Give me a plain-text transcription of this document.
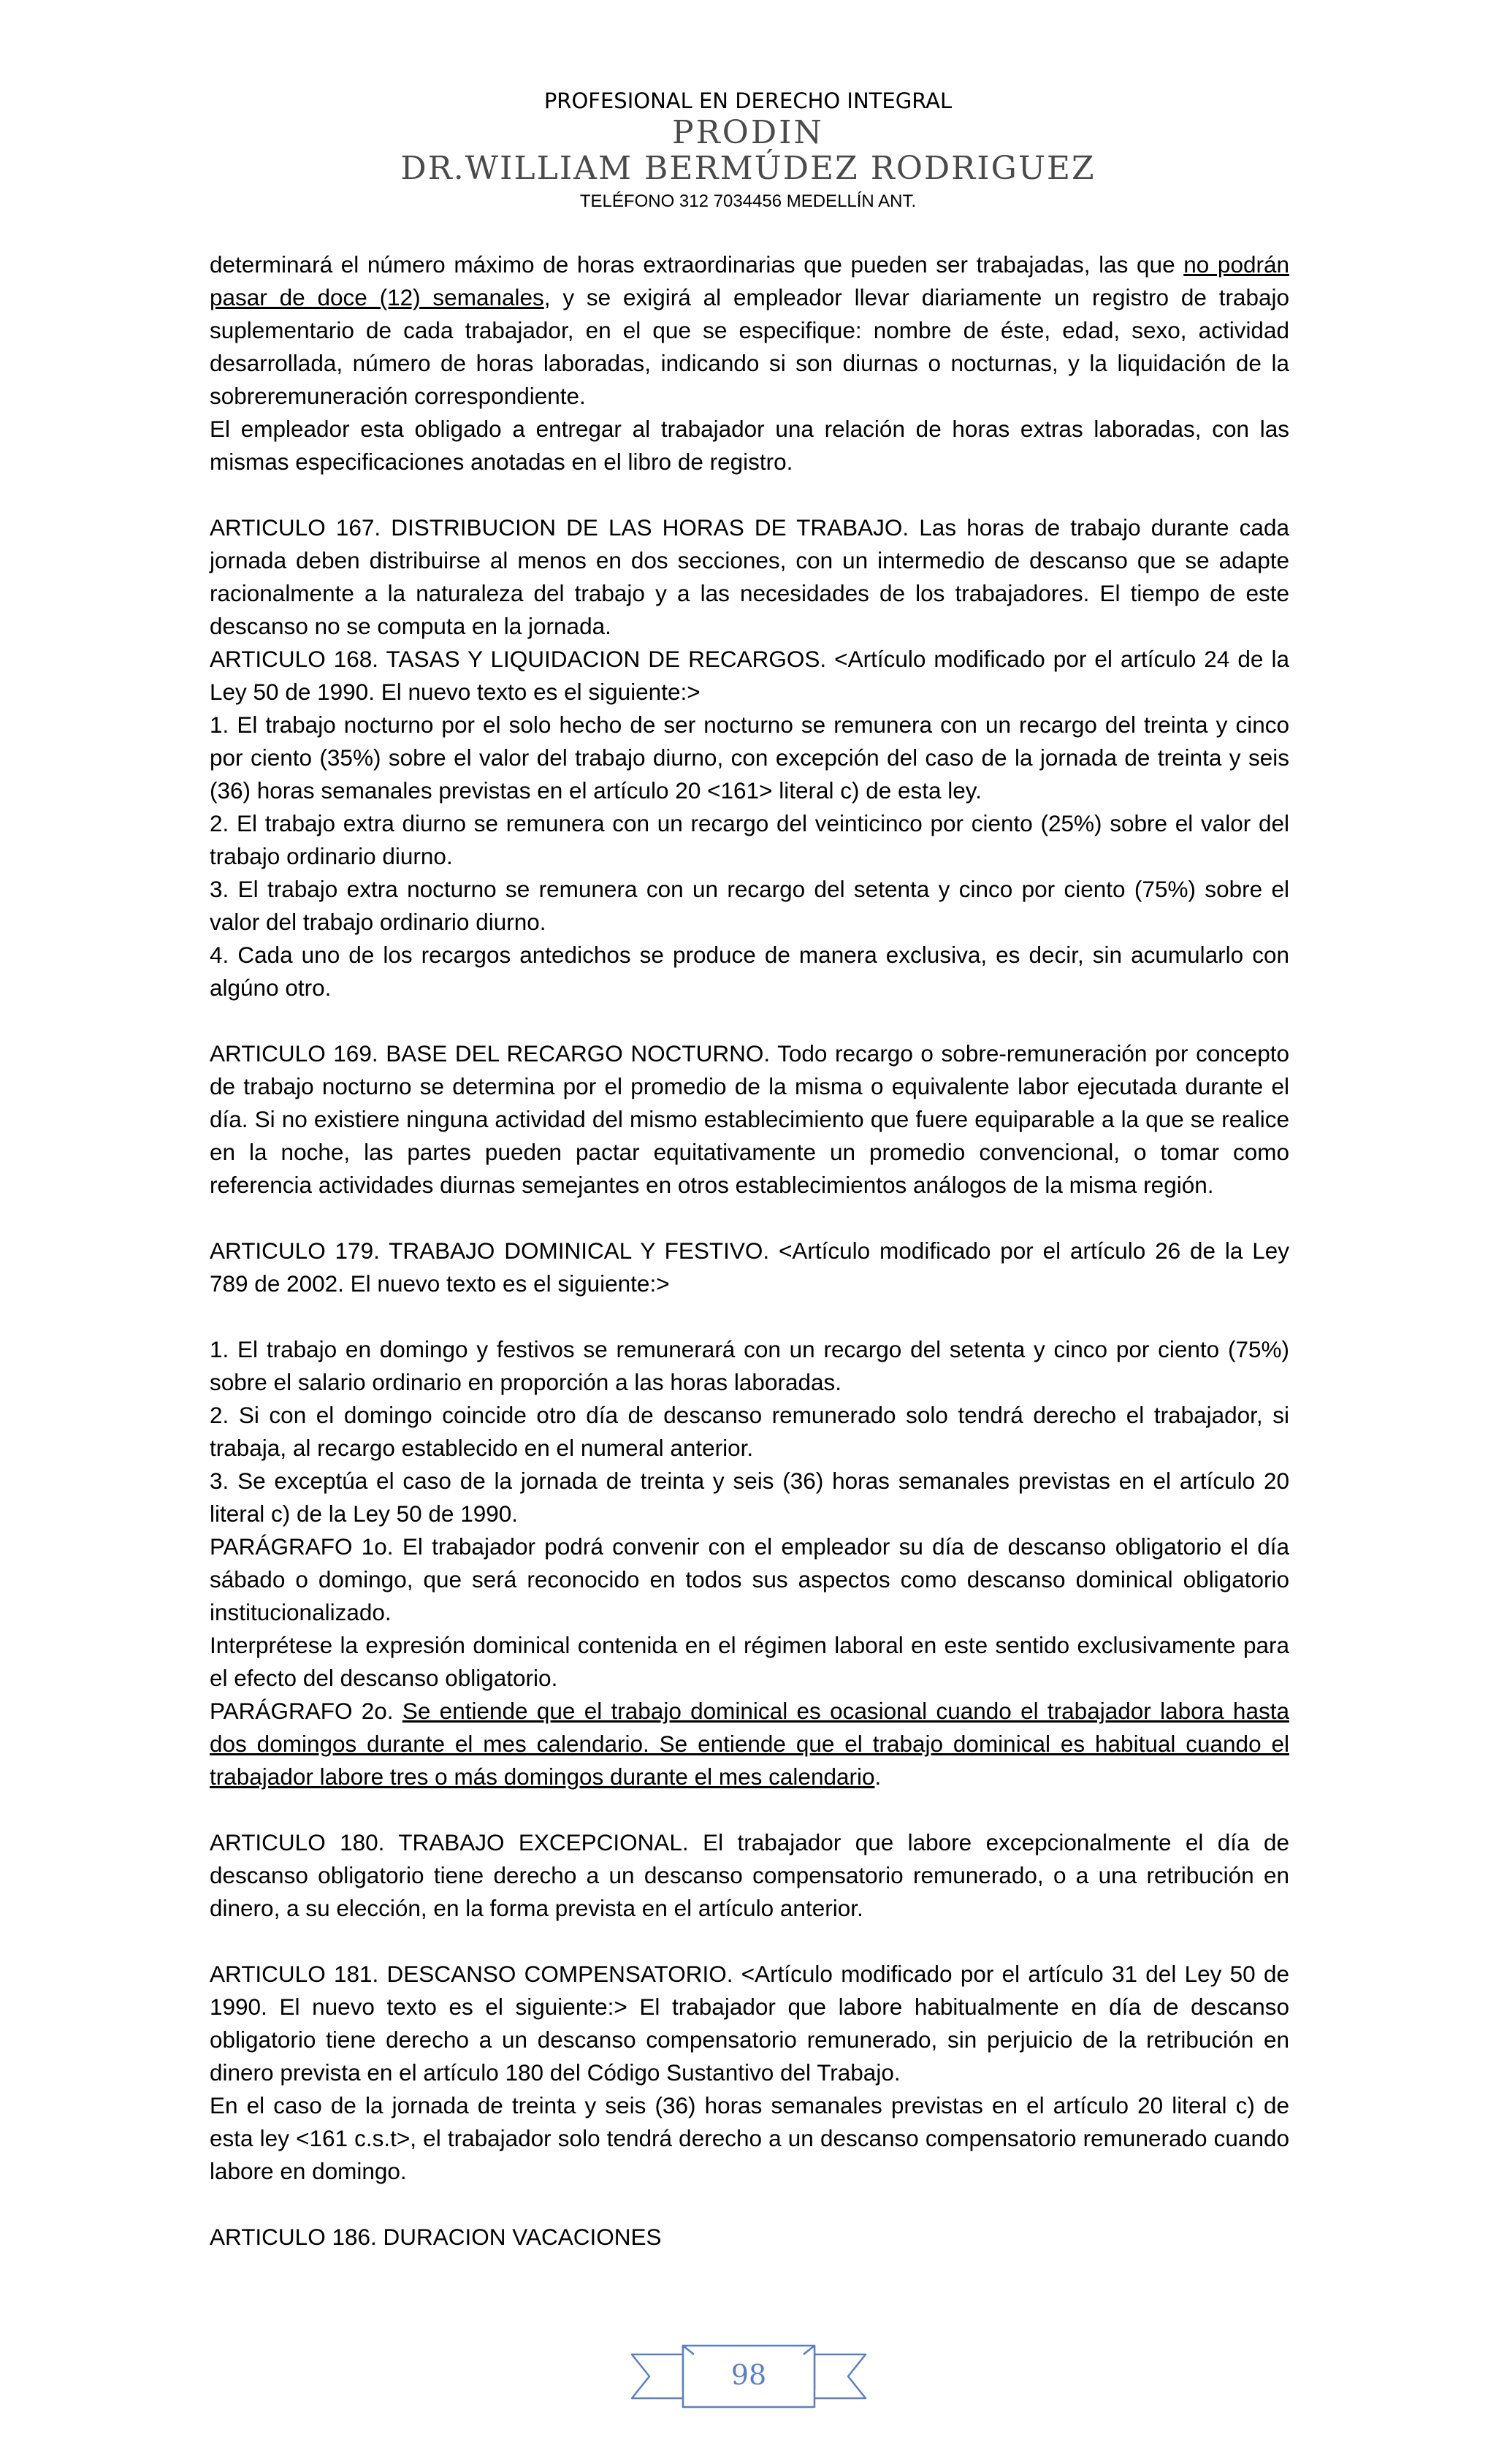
PROFESIONAL EN DERECHO INTEGRAL
PRODIN
DR.WILLIAM BERMÚDEZ RODRIGUEZ
TELÉFONO 312 7034456 MEDELLÍN ANT.

determinará el número máximo de horas extraordinarias que pueden ser trabajadas, las que no podrán pasar de doce (12) semanales, y se exigirá al empleador llevar diariamente un registro de trabajo suplementario de cada trabajador, en el que se especifique: nombre de éste, edad, sexo, actividad desarrollada, número de horas laboradas, indicando si son diurnas o nocturnas, y la liquidación de la sobreremuneración correspondiente.

El empleador esta obligado a entregar al trabajador una relación de horas extras laboradas, con las mismas especificaciones anotadas en el libro de registro.

ARTICULO 167. DISTRIBUCION DE LAS HORAS DE TRABAJO. Las horas de trabajo durante cada jornada deben distribuirse al menos en dos secciones, con un intermedio de descanso que se adapte racionalmente a la naturaleza del trabajo y a las necesidades de los trabajadores. El tiempo de este descanso no se computa en la jornada.

ARTICULO 168. TASAS Y LIQUIDACION DE RECARGOS. <Artículo modificado por el artículo 24 de la Ley 50 de 1990. El nuevo texto es el siguiente:>

1. El trabajo nocturno por el solo hecho de ser nocturno se remunera con un recargo del treinta y cinco por ciento (35%) sobre el valor del trabajo diurno, con excepción del caso de la jornada de treinta y seis (36) horas semanales previstas en el artículo 20 <161> literal c) de esta ley.

2. El trabajo extra diurno se remunera con un recargo del veinticinco por ciento (25%) sobre el valor del trabajo ordinario diurno.

3. El trabajo extra nocturno se remunera con un recargo del setenta y cinco por ciento (75%) sobre el valor del trabajo ordinario diurno.

4. Cada uno de los recargos antedichos se produce de manera exclusiva, es decir, sin acumularlo con algúno otro.

ARTICULO 169. BASE DEL RECARGO NOCTURNO. Todo recargo o sobre-remuneración por concepto de trabajo nocturno se determina por el promedio de la misma o equivalente labor ejecutada durante el día. Si no existiere ninguna actividad del mismo establecimiento que fuere equiparable a la que se realice en la noche, las partes pueden pactar equitativamente un promedio convencional, o tomar como referencia actividades diurnas semejantes en otros establecimientos análogos de la misma región.

ARTICULO 179. TRABAJO DOMINICAL Y FESTIVO. <Artículo modificado por el artículo 26 de la Ley 789 de 2002. El nuevo texto es el siguiente:>

1. El trabajo en domingo y festivos se remunerará con un recargo del setenta y cinco por ciento (75%) sobre el salario ordinario en proporción a las horas laboradas.

2. Si con el domingo coincide otro día de descanso remunerado solo tendrá derecho el trabajador, si trabaja, al recargo establecido en el numeral anterior.

3. Se exceptúa el caso de la jornada de treinta y seis (36) horas semanales previstas en el artículo 20 literal c) de la Ley 50 de 1990.

PARÁGRAFO 1o. El trabajador podrá convenir con el empleador su día de descanso obligatorio el día sábado o domingo, que será reconocido en todos sus aspectos como descanso dominical obligatorio institucionalizado.

Interprétese la expresión dominical contenida en el régimen laboral en este sentido exclusivamente para el efecto del descanso obligatorio.

PARÁGRAFO 2o. Se entiende que el trabajo dominical es ocasional cuando el trabajador labora hasta dos domingos durante el mes calendario. Se entiende que el trabajo dominical es habitual cuando el trabajador labore tres o más domingos durante el mes calendario.

ARTICULO 180. TRABAJO EXCEPCIONAL. El trabajador que labore excepcionalmente el día de descanso obligatorio tiene derecho a un descanso compensatorio remunerado, o a una retribución en dinero, a su elección, en la forma prevista en el artículo anterior.

ARTICULO 181. DESCANSO COMPENSATORIO. <Artículo modificado por el artículo 31 del Ley 50 de 1990. El nuevo texto es el siguiente:> El trabajador que labore habitualmente en día de descanso obligatorio tiene derecho a un descanso compensatorio remunerado, sin perjuicio de la retribución en dinero prevista en el artículo 180 del Código Sustantivo del Trabajo.

En el caso de la jornada de treinta y seis (36) horas semanales previstas en el artículo 20 literal c) de esta ley <161 c.s.t>, el trabajador solo tendrá derecho a un descanso compensatorio remunerado cuando labore en domingo.

ARTICULO 186. DURACION VACACIONES

98
